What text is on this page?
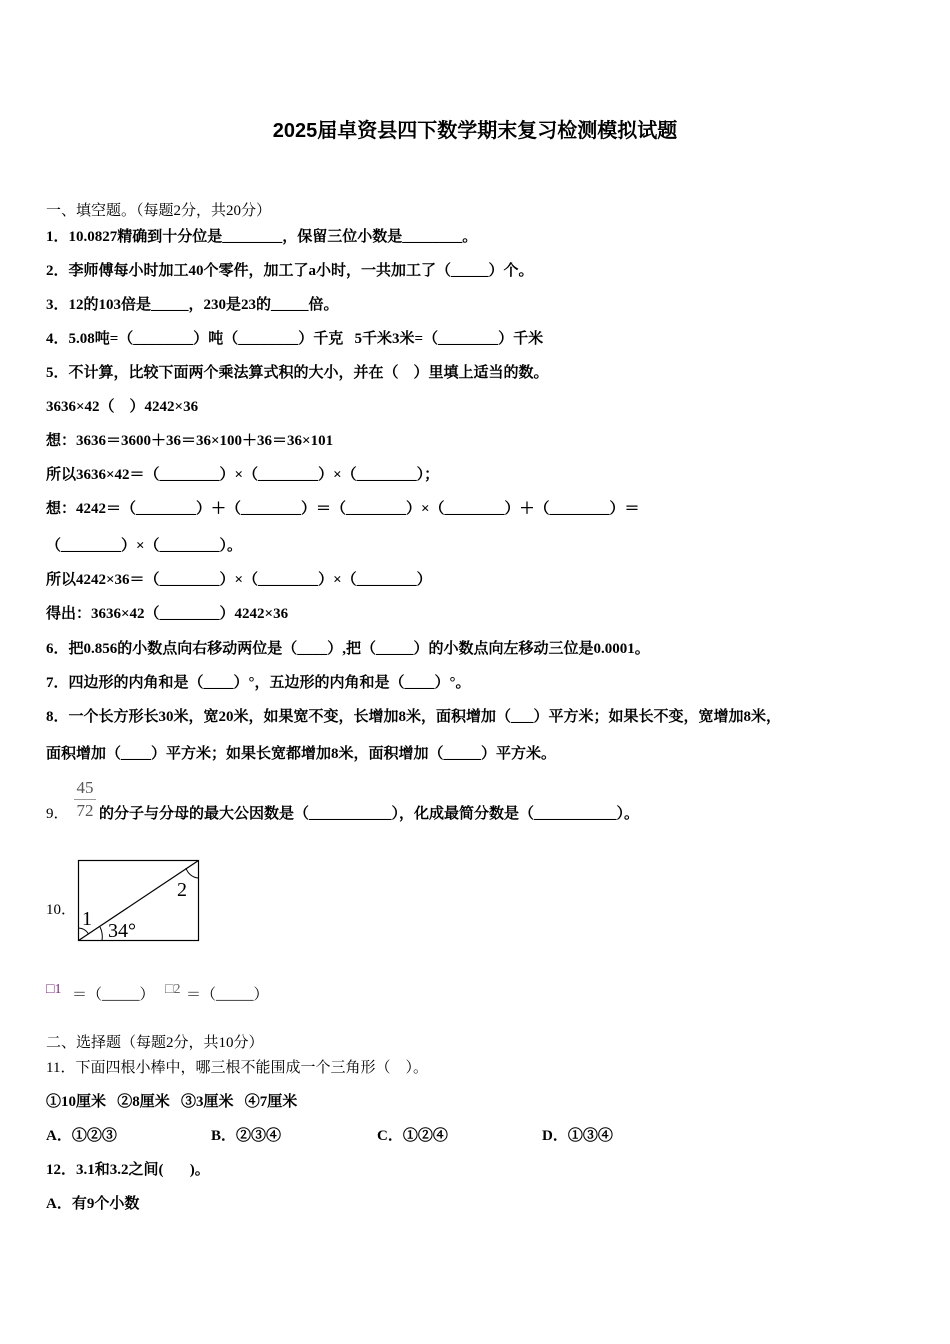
2025届卓资县四下数学期末复习检测模拟试题
一、填空题。（每题2分，共20分）
1．10.0827精确到十分位是________，保留三位小数是________。
2．李师傅每小时加工40个零件，加工了a小时，一共加工了（_____）个。
3．12的103倍是_____，230是23的_____倍。
4．5.08吨=（________）吨（________）千克   5千米3米=（________）千米
5．不计算，比较下面两个乘法算式积的大小，并在（    ）里填上适当的数。
3636×42（    ）4242×36
想：3636＝3600＋36＝36×100＋36＝36×101
所以3636×42＝（________）×（________）×（________）；
想：4242＝（________）＋（________）＝（________）×（________）＋（________）＝
（________）×（________）。
所以4242×36＝（________）×（________）×（________）
得出：3636×42（________）4242×36
6．把0.856的小数点向右移动两位是（____）,把（_____）的小数点向左移动三位是0.0001。
7．四边形的内角和是（____）°，五边形的内角和是（____）°。
8．一个长方形长30米，宽20米，如果宽不变，长增加8米，面积增加（___）平方米；如果长不变，宽增加8米，
面积增加（____）平方米；如果长宽都增加8米，面积增加（_____）平方米。
9．
45
72 的分子与分母的最大公因数是（___________），化成最简分数是（___________）。
10． 1
2
34°
□1 ＝（_____） □2 ＝（_____）
二、选择题（每题2分，共10分）
11．下面四根小棒中，哪三根不能围成一个三角形（    ）。
①10厘米   ②8厘米   ③3厘米   ④7厘米
A．①②③	B．②③④	C．①②④	D．①③④
12．3.1和3.2之间(       )。
A．有9个小数
